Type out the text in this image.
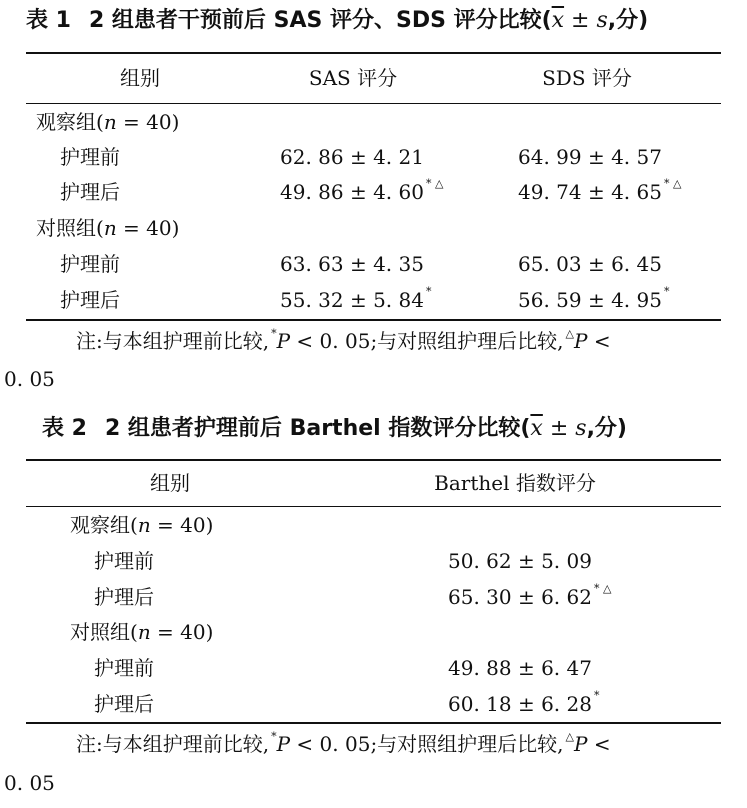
表 1 2 组患者干预前后 SAS 评分、SDS 评分比较($\overline{x} \pm s$,分)
组别	SAS 评分	SDS 评分
观察组(n = 40)
护理前	62. 86 ± 4. 21	64. 99 ± 4. 57
护理后	49. 86 ± 4. 60 * △	49. 74 ± 4. 65 * △
对照组(n = 40)
护理前	63. 63 ± 4. 35	65. 03 ± 6. 45
护理后	55. 32 ± 5. 84 *	56. 59 ± 4. 95 *
注:与本组护理前比较, *P < 0. 05;与对照组护理后比较, △P <
0. 05
表 2 2 组患者护理前后 Barthel 指数评分比较($\overline{x} \pm s$,分)
组别	Barthel 指数评分
观察组(n = 40)
护理前	50. 62 ± 5. 09
护理后	65. 30 ± 6. 62 * △
对照组(n = 40)
护理前	49. 88 ± 6. 47
护理后	60. 18 ± 6. 28 *
注:与本组护理前比较, *P < 0. 05;与对照组护理后比较, △P <
0. 05
